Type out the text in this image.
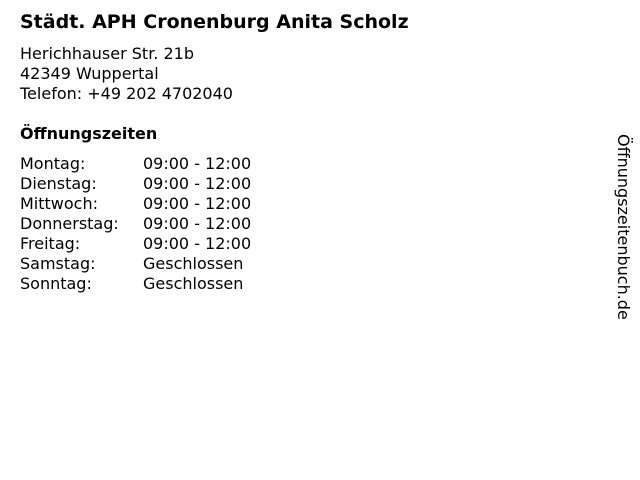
Städt. APH Cronenburg Anita Scholz
Herichhauser Str. 21b
42349 Wuppertal
Telefon: +49 202 4702040
Öffnungszeiten
Montag:	09:00 - 12:00
Dienstag:	09:00 - 12:00
Mittwoch:	09:00 - 12:00
Donnerstag: 09:00 - 12:00
Freitag:	09:00 - 12:00
Samstag:	Geschlossen
Sonntag:	Geschlossen	Öffnungszeitenbuch.de
